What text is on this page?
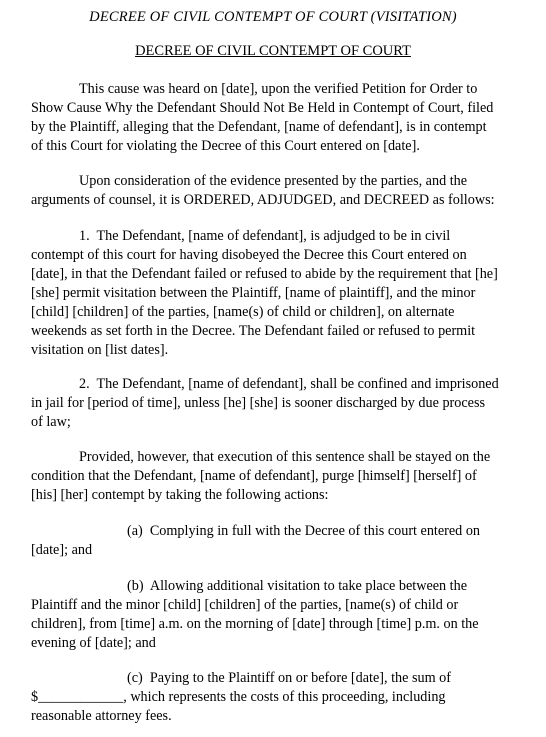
DECREE OF CIVIL CONTEMPT OF COURT (VISITATION)
DECREE OF CIVIL CONTEMPT OF COURT
This cause was heard on [date], upon the verified Petition for Order to
Show Cause Why the Defendant Should Not Be Held in Contempt of Court, filed
by the Plaintiff, alleging that the Defendant, [name of defendant], is in contempt
of this Court for violating the Decree of this Court entered on [date].
Upon consideration of the evidence presented by the parties, and the
arguments of counsel, it is ORDERED, ADJUDGED, and DECREED as follows:
1.  The Defendant, [name of defendant], is adjudged to be in civil
contempt of this court for having disobeyed the Decree this Court entered on
[date], in that the Defendant failed or refused to abide by the requirement that [he]
[she] permit visitation between the Plaintiff, [name of plaintiff], and the minor
[child] [children] of the parties, [name(s) of child or children], on alternate
weekends as set forth in the Decree. The Defendant failed or refused to permit
visitation on [list dates].
2.  The Defendant, [name of defendant], shall be confined and imprisoned
in jail for [period of time], unless [he] [she] is sooner discharged by due process
of law;
Provided, however, that execution of this sentence shall be stayed on the
condition that the Defendant, [name of defendant], purge [himself] [herself] of
[his] [her] contempt by taking the following actions:
(a)  Complying in full with the Decree of this court entered on
[date]; and
(b)  Allowing additional visitation to take place between the
Plaintiff and the minor [child] [children] of the parties, [name(s) of child or
children], from [time] a.m. on the morning of [date] through [time] p.m. on the
evening of [date]; and
(c)  Paying to the Plaintiff on or before [date], the sum of
$____________, which represents the costs of this proceeding, including
reasonable attorney fees.
